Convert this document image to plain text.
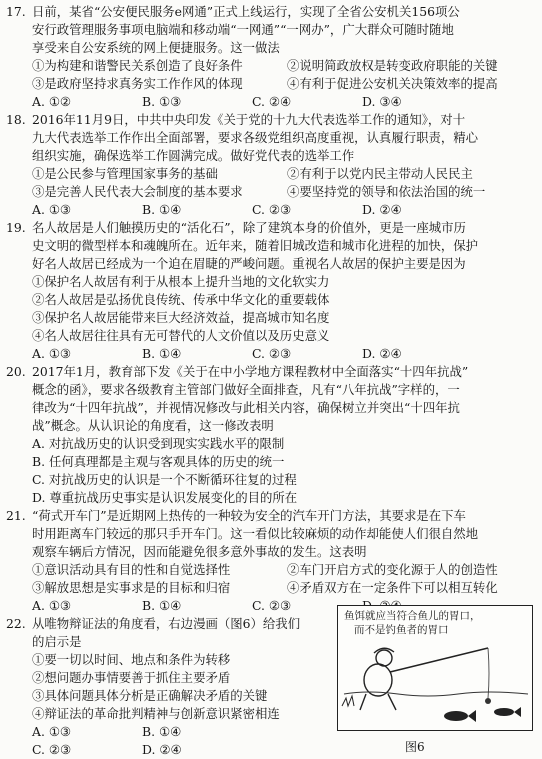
17. 日前，某省“公安便民服务e网通”正式上线运行，实现了全省公安机关156项公
安行政管理服务事项电脑端和移动端“一网通”“一网办”，广大群众可随时随地
享受来自公安系统的网上便捷服务。这一做法
①为构建和谐警民关系创造了良好条件	②说明简政放权是转变政府职能的关键
③是政府坚持求真务实工作作风的体现	④有利于促进公安机关决策效率的提高
A. ①②	B. ①③	C. ②④	D. ③④
18. 2016年11月9日，中共中央印发《关于党的十九大代表选举工作的通知》，对十
九大代表选举工作作出全面部署，要求各级党组织高度重视，认真履行职责，精心
组织实施，确保选举工作圆满完成。做好党代表的选举工作
①是公民参与管理国家事务的基础	②有利于以党内民主带动人民民主
③是完善人民代表大会制度的基本要求	④要坚持党的领导和依法治国的统一
A. ①③	B. ①④	C. ②③	D. ②④
19. 名人故居是人们触摸历史的“活化石”，除了建筑本身的价值外，更是一座城市历
史文明的微型样本和魂魄所在。近年来，随着旧城改造和城市化进程的加快，保护
好名人故居已经成为一个迫在眉睫的严峻问题。重视名人故居的保护主要是因为
①保护名人故居有利于从根本上提升当地的文化软实力
②名人故居是弘扬优良传统、传承中华文化的重要载体
③保护名人故居能带来巨大经济效益，提高城市知名度
④名人故居往往具有无可替代的人文价值以及历史意义
A. ①③	B. ①④	C. ②③	D. ②④
20. 2017年1月，教育部下发《关于在中小学地方课程教材中全面落实“十四年抗战”
概念的函》，要求各级教育主管部门做好全面排查，凡有“八年抗战”字样的，一
律改为“十四年抗战”，并视情况修改与此相关内容，确保树立并突出“十四年抗
战”概念。从认识论的角度看，这一修改表明
A. 对抗战历史的认识受到现实实践水平的限制
B. 任何真理都是主观与客观具体的历史的统一
C. 对抗战历史的认识是一个不断循环往复的过程
D. 尊重抗战历史事实是认识发展变化的目的所在
21. “荷式开车门”是近期网上热传的一种较为安全的汽车开门方法，其要求是在下车
时用距离车门较远的那只手开车门。这一看似比较麻烦的动作却能使人们很自然地
观察车辆后方情况，因而能避免很多意外事故的发生。这表明
①意识活动具有目的性和自觉选择性	②车门开启方式的变化源于人的创造性
③解放思想是实事求是的目标和归宿	④矛盾双方在一定条件下可以相互转化
A. ①③	B. ①④	C. ②③
22. 从唯物辩证法的角度看，右边漫画（图6）给我们
的启示是
①要一切以时间、地点和条件为转移
②想问题办事情要善于抓住主要矛盾
③具体问题具体分析是正确解决矛盾的关键
④辩证法的革命批判精神与创新意识紧密相连
A. ①③	B. ①④
C. ②③	D. ②④
鱼饵就应当符合鱼儿的胃口，
而不是钓鱼者的胃口
图6
